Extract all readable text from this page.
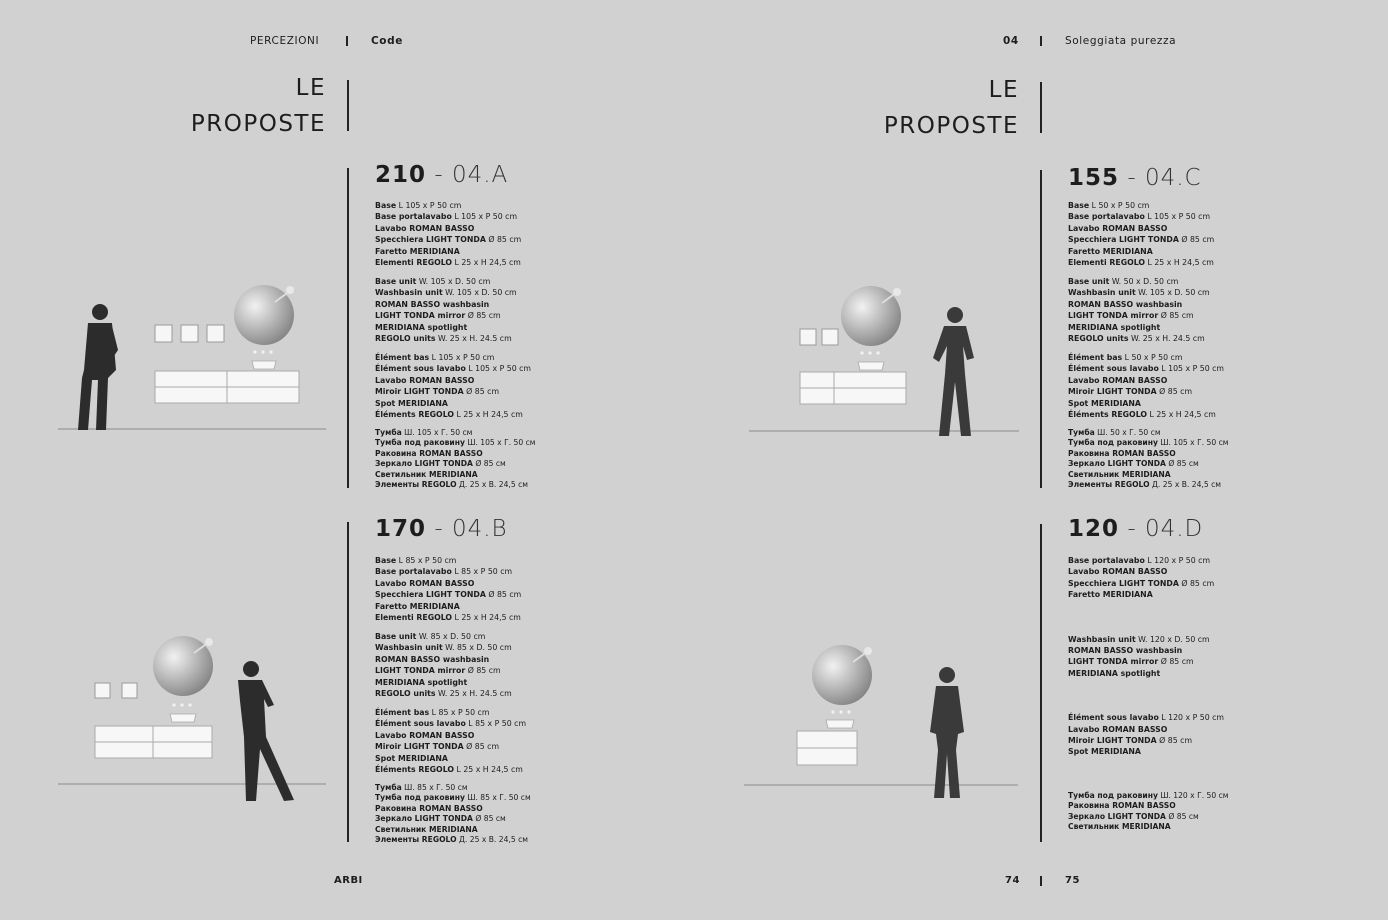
PERCEZIONI	Code	04	Soleggiata purezza
LE
PROPOSTE
LE
PROPOSTE
210 - 04.A
Base L 105 x P 50 cm
Base portalavabo L 105 x P 50 cm
Lavabo ROMAN BASSO
Specchiera LIGHT TONDA Ø 85 cm
Faretto MERIDIANA
Elementi REGOLO L 25 x H 24,5 cm
Base unit W. 105 x D. 50 cm
Washbasin unit W. 105 x D. 50 cm
ROMAN BASSO washbasin
LIGHT TONDA mirror Ø 85 cm
MERIDIANA spotlight
REGOLO units W. 25 x H. 24.5 cm
Élément bas L 105 x P 50 cm
Élément sous lavabo L 105 x P 50 cm
Lavabo ROMAN BASSO
Miroir LIGHT TONDA Ø 85 cm
Spot MERIDIANA
Éléments REGOLO L 25 x H 24,5 cm
Тумба Ш. 105 x Г. 50 см
Тумба под раковину Ш. 105 x Г. 50 см
Раковина ROMAN BASSO
Зеркало LIGHT TONDA Ø 85 см
Светильник MERIDIANA
Элементы REGOLO Д. 25 x В. 24,5 см
170 - 04.B
Base L 85 x P 50 cm
Base portalavabo L 85 x P 50 cm
Lavabo ROMAN BASSO
Specchiera LIGHT TONDA Ø 85 cm
Faretto MERIDIANA
Elementi REGOLO L 25 x H 24,5 cm
Base unit W. 85 x D. 50 cm
Washbasin unit W. 85 x D. 50 cm
ROMAN BASSO washbasin
LIGHT TONDA mirror Ø 85 cm
MERIDIANA spotlight
REGOLO units W. 25 x H. 24.5 cm
Élément bas L 85 x P 50 cm
Élément sous lavabo L 85 x P 50 cm
Lavabo ROMAN BASSO
Miroir LIGHT TONDA Ø 85 cm
Spot MERIDIANA
Éléments REGOLO L 25 x H 24,5 cm
Тумба Ш. 85 x Г. 50 см
Тумба под раковину Ш. 85 x Г. 50 см
Раковина ROMAN BASSO
Зеркало LIGHT TONDA Ø 85 см
Светильник MERIDIANA
Элементы REGOLO Д. 25 x В. 24,5 см
155 - 04.C
Base L 50 x P 50 cm
Base portalavabo L 105 x P 50 cm
Lavabo ROMAN BASSO
Specchiera LIGHT TONDA Ø 85 cm
Faretto MERIDIANA
Elementi REGOLO L 25 x H 24,5 cm
Base unit W. 50 x D. 50 cm
Washbasin unit W. 105 x D. 50 cm
ROMAN BASSO washbasin
LIGHT TONDA mirror Ø 85 cm
MERIDIANA spotlight
REGOLO units W. 25 x H. 24.5 cm
Élément bas L 50 x P 50 cm
Élément sous lavabo L 105 x P 50 cm
Lavabo ROMAN BASSO
Miroir LIGHT TONDA Ø 85 cm
Spot MERIDIANA
Éléments REGOLO L 25 x H 24,5 cm
Тумба Ш. 50 x Г. 50 см
Тумба под раковину Ш. 105 x Г. 50 см
Раковина ROMAN BASSO
Зеркало LIGHT TONDA Ø 85 см
Светильник MERIDIANA
Элементы REGOLO Д. 25 x В. 24,5 см
120 - 04.D
Base portalavabo L 120 x P 50 cm
Lavabo ROMAN BASSO
Specchiera LIGHT TONDA Ø 85 cm
Faretto MERIDIANA
Washbasin unit W. 120 x D. 50 cm
ROMAN BASSO washbasin
LIGHT TONDA mirror Ø 85 cm
MERIDIANA spotlight
Élément sous lavabo L 120 x P 50 cm
Lavabo ROMAN BASSO
Miroir LIGHT TONDA Ø 85 cm
Spot MERIDIANA
Тумба под раковину Ш. 120 x Г. 50 см
Раковина ROMAN BASSO
Зеркало LIGHT TONDA Ø 85 см
Светильник MERIDIANA
ARBI	74	75
